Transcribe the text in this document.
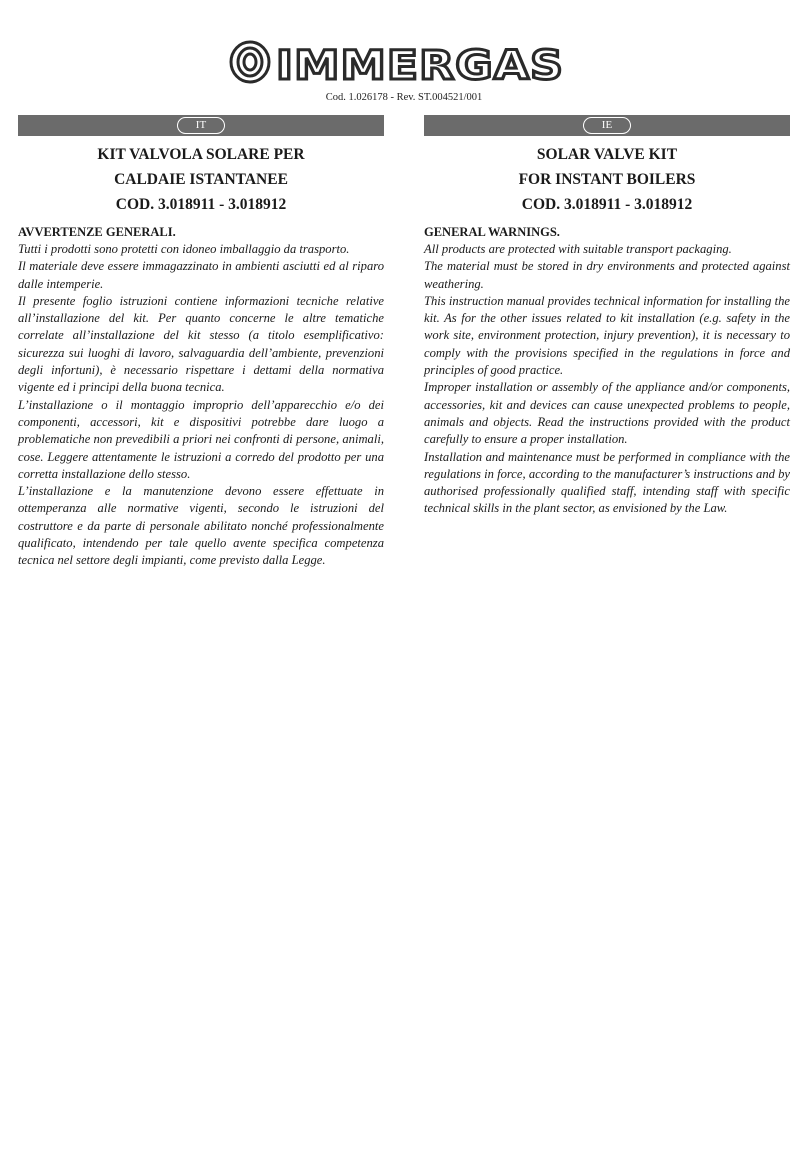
IMMERGAS
Cod. 1.026178 - Rev. ST.004521/001
IT
KIT VALVOLA SOLARE PER
CALDAIE ISTANTANEE
COD. 3.018911 - 3.018912
AVVERTENZE GENERALI.

Tutti i prodotti sono protetti con idoneo imballaggio da trasporto.

Il materiale deve essere immagazzinato in ambienti asciutti ed al riparo dalle intemperie.

Il presente foglio istruzioni contiene informazioni tecniche relative all’installazione del kit. Per quanto concerne le altre tematiche correlate all’installazione del kit stesso (a titolo esemplificativo: sicurezza sui luoghi di lavoro, salvaguardia dell’ambiente, prevenzioni degli infortuni), è necessario rispettare i dettami della normativa vigente ed i principi della buona tecnica.

L’installazione o il montaggio improprio dell’apparecchio e/o dei componenti, accessori, kit e dispositivi potrebbe dare luogo a problematiche non prevedibili a priori nei confronti di persone, animali, cose. Leggere attentamente le istruzioni a corredo del prodotto per una corretta installazione dello stesso.

L’installazione e la manutenzione devono essere effettuate in ottemperanza alle normative vigenti, secondo le istruzioni del costruttore e da parte di personale abilitato nonché professionalmente qualificato, intendendo per tale quello avente specifica competenza tecnica nel settore degli impianti, come previsto dalla Legge.

IE
SOLAR VALVE KIT
FOR INSTANT BOILERS
COD. 3.018911 - 3.018912
GENERAL WARNINGS.

All products are protected with suitable transport packaging.

The material must be stored in dry environments and protected against weathering.

This instruction manual provides technical information for installing the kit. As for the other issues related to kit installation (e.g. safety in the work site, environment protection, injury prevention), it is necessary to comply with the provisions specified in the regulations in force and principles of good practice.

Improper installation or assembly of the appliance and/or components, accessories, kit and devices can cause unexpected problems to people, animals and objects. Read the instructions provided with the product carefully to ensure a proper installation.

Installation and maintenance must be performed in compliance with the regulations in force, according to the manufacturer’s instructions and by authorised professionally qualified staff, intending staff with specific technical skills in the plant sector, as envisioned by the Law.
